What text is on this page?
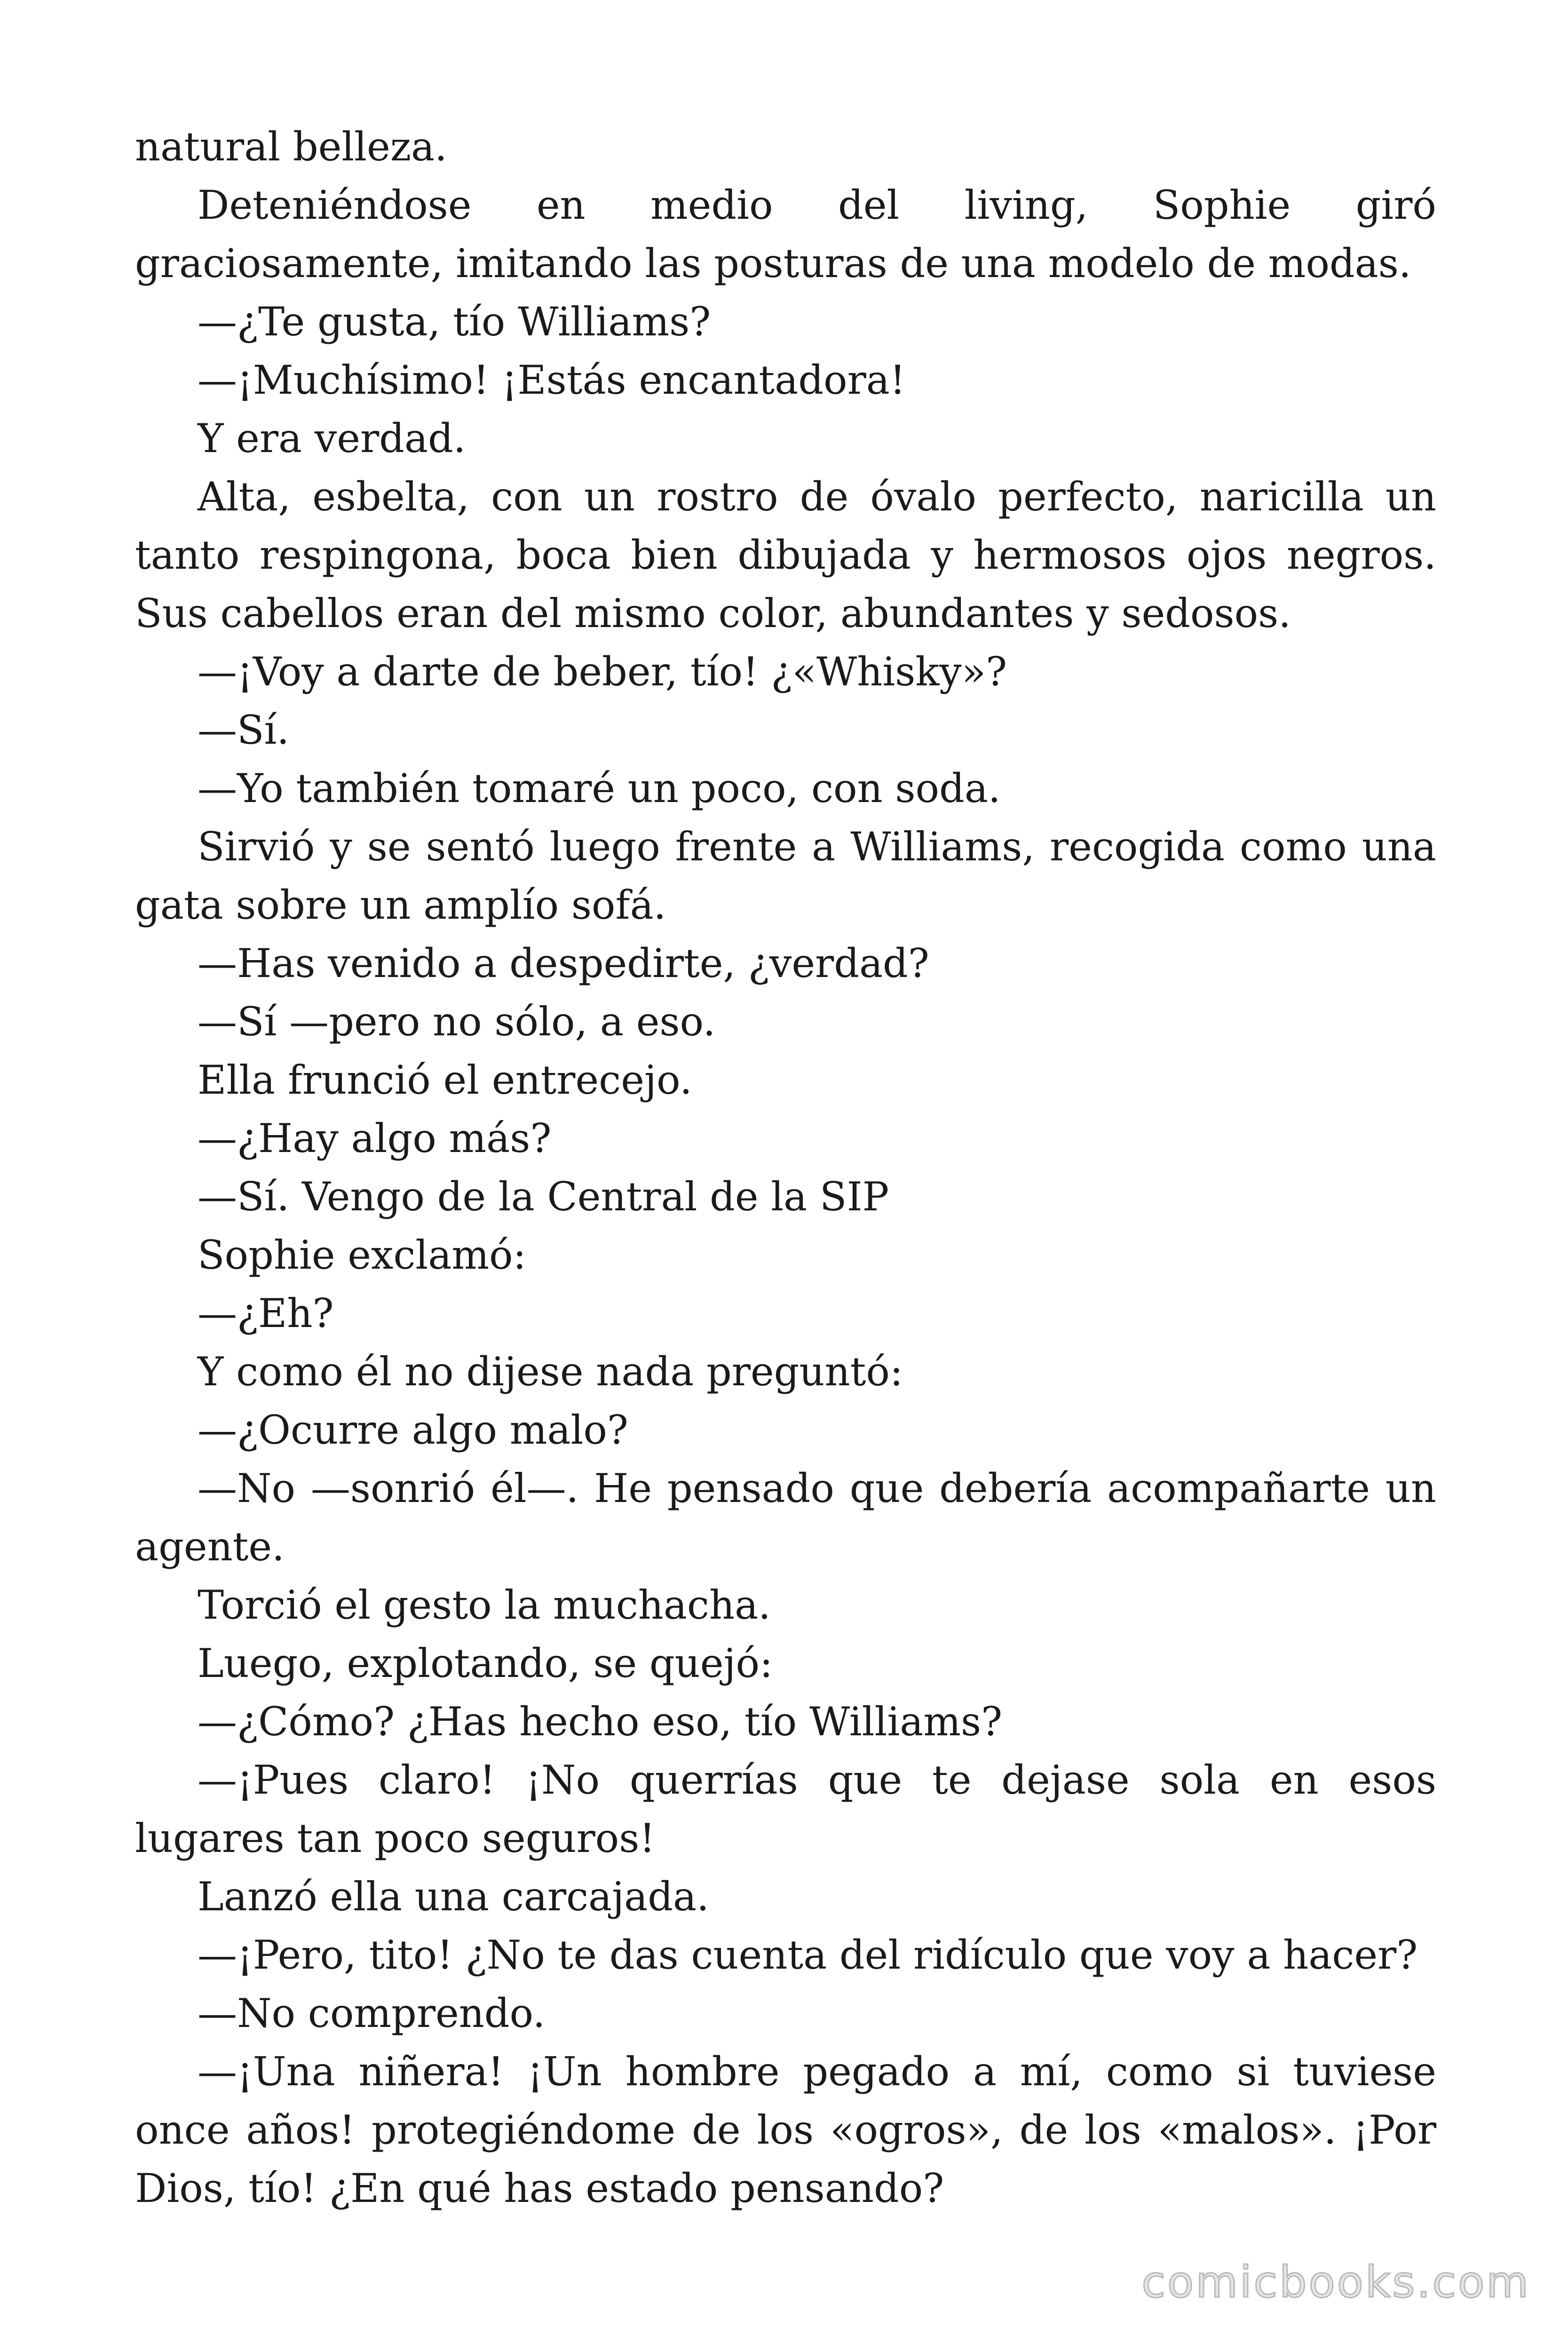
natural belleza.

Deteniéndose en medio del living, Sophie giró graciosamente, imitando las posturas de una modelo de modas.

—¿Te gusta, tío Williams?

—¡Muchísimo! ¡Estás encantadora!

Y era verdad.

Alta, esbelta, con un rostro de óvalo perfecto, naricilla un tanto respingona, boca bien dibujada y hermosos ojos negros. Sus cabellos eran del mismo color, abundantes y sedosos.

—¡Voy a darte de beber, tío! ¿«Whisky»?

—Sí.

—Yo también tomaré un poco, con soda.

Sirvió y se sentó luego frente a Williams, recogida como una gata sobre un amplío sofá.

—Has venido a despedirte, ¿verdad?

—Sí —pero no sólo, a eso.

Ella frunció el entrecejo.

—¿Hay algo más?

—Sí. Vengo de la Central de la SIP

Sophie exclamó:

—¿Eh?

Y como él no dijese nada preguntó:

—¿Ocurre algo malo?

—No —sonrió él—. He pensado que debería acompañarte un agente.

Torció el gesto la muchacha.

Luego, explotando, se quejó:

—¿Cómo? ¿Has hecho eso, tío Williams?

—¡Pues claro! ¡No querrías que te dejase sola en esos lugares tan poco seguros!

Lanzó ella una carcajada.

—¡Pero, tito! ¿No te das cuenta del ridículo que voy a hacer?

—No comprendo.

—¡Una niñera! ¡Un hombre pegado a mí, como si tuviese once años! protegiéndome de los «ogros», de los «malos». ¡Por Dios, tío! ¿En qué has estado pensando?

comicbooks.com
